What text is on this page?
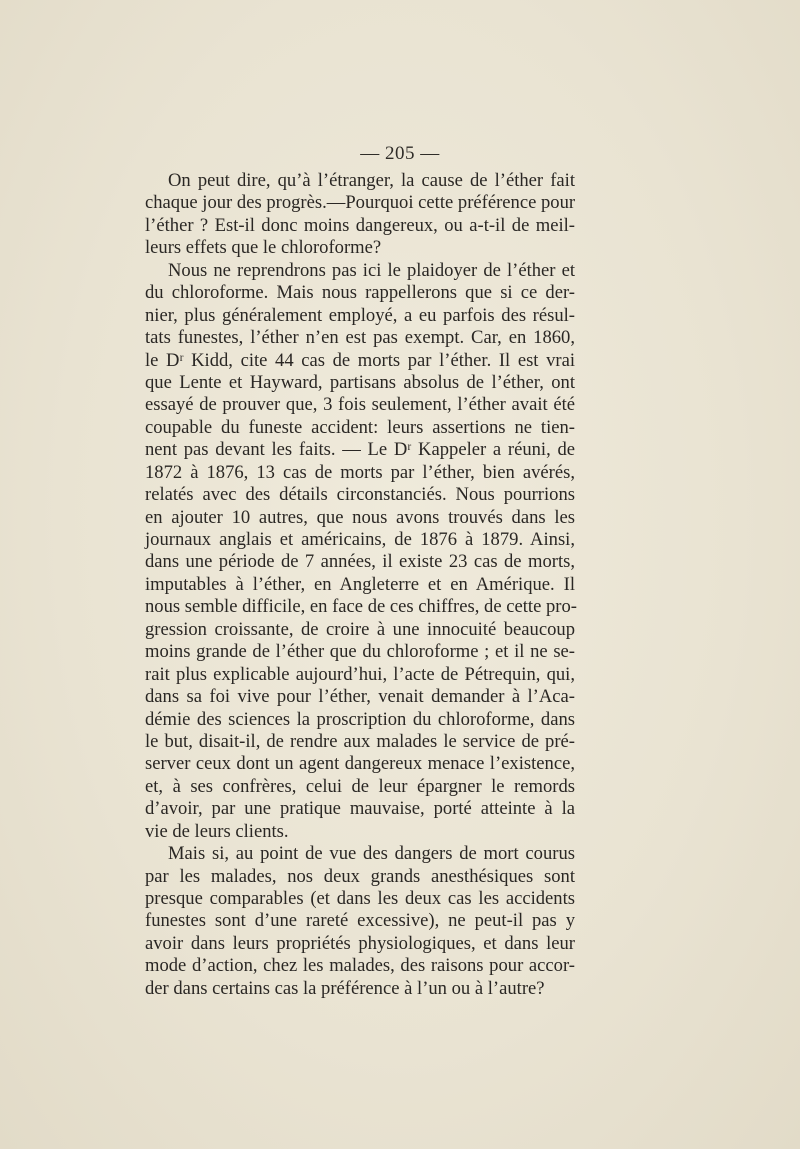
— 205 —
On peut dire, qu’à l’étranger, la cause de l’éther fait
chaque jour des progrès.—Pourquoi cette préférence pour
l’éther ? Est-il donc moins dangereux, ou a-t-il de meil-
leurs effets que le chloroforme?
Nous ne reprendrons pas ici le plaidoyer de l’éther et
du chloroforme. Mais nous rappellerons que si ce der-
nier, plus généralement employé, a eu parfois des résul-
tats funestes, l’éther n’en est pas exempt. Car, en 1860,
le Dʳ Kidd, cite 44 cas de morts par l’éther. Il est vrai
que Lente et Hayward, partisans absolus de l’éther, ont
essayé de prouver que, 3 fois seulement, l’éther avait été
coupable du funeste accident: leurs assertions ne tien-
nent pas devant les faits. — Le Dʳ Kappeler a réuni, de
1872 à 1876, 13 cas de morts par l’éther, bien avérés,
relatés avec des détails circonstanciés. Nous pourrions
en ajouter 10 autres, que nous avons trouvés dans les
journaux anglais et américains, de 1876 à 1879. Ainsi,
dans une période de 7 années, il existe 23 cas de morts,
imputables à l’éther, en Angleterre et en Amérique. Il
nous semble difficile, en face de ces chiffres, de cette pro-
gression croissante, de croire à une innocuité beaucoup
moins grande de l’éther que du chloroforme ; et il ne se-
rait plus explicable aujourd’hui, l’acte de Pétrequin, qui,
dans sa foi vive pour l’éther, venait demander à l’Aca-
démie des sciences la proscription du chloroforme, dans
le but, disait-il, de rendre aux malades le service de pré-
server ceux dont un agent dangereux menace l’existence,
et, à ses confrères, celui de leur épargner le remords
d’avoir, par une pratique mauvaise, porté atteinte à la
vie de leurs clients.
Mais si, au point de vue des dangers de mort courus
par les malades, nos deux grands anesthésiques sont
presque comparables (et dans les deux cas les accidents
funestes sont d’une rareté excessive), ne peut-il pas y
avoir dans leurs propriétés physiologiques, et dans leur
mode d’action, chez les malades, des raisons pour accor-
der dans certains cas la préférence à l’un ou à l’autre?
